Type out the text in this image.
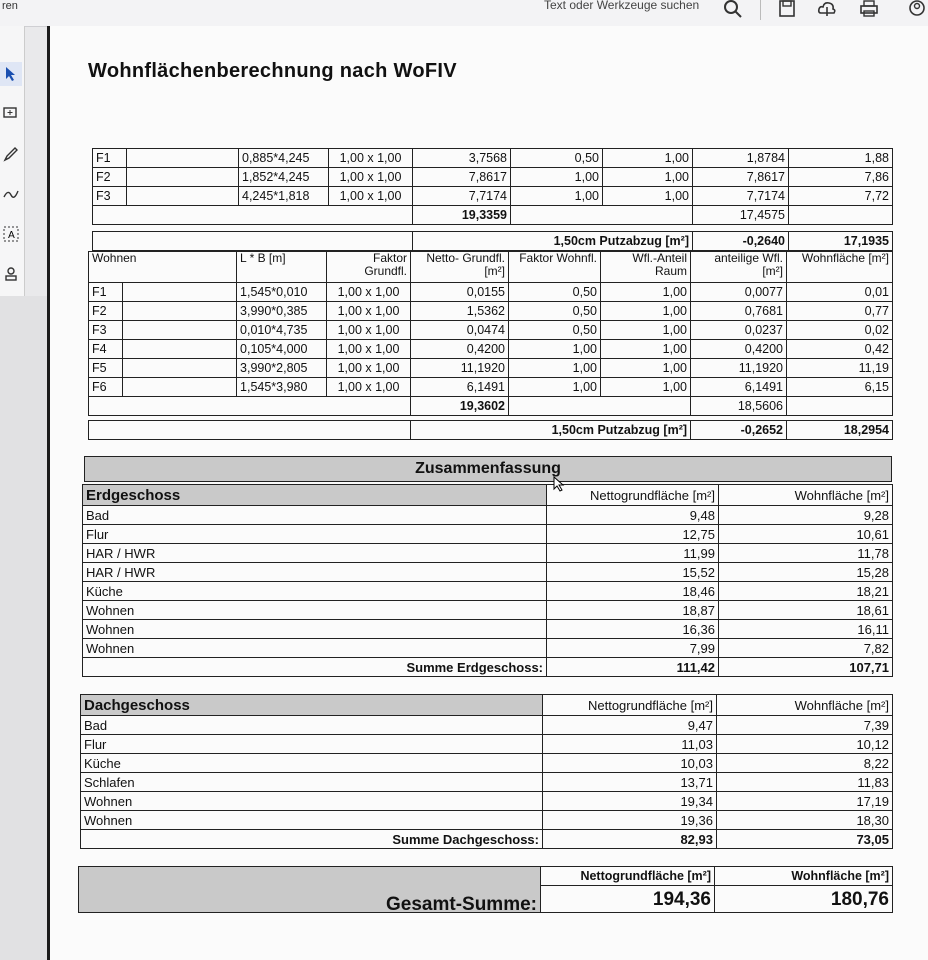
ren	Text oder Werkzeuge suchen
A
Wohnflächenberechnung nach WoFIV
F1		0,885*4,245	1,00 x 1,00	3,7568	0,50	1,00	1,8784	1,88
F2		1,852*4,245	1,00 x 1,00	7,8617	1,00	1,00	7,8617	7,86
F3		4,245*1,818	1,00 x 1,00	7,7174	1,00	1,00	7,7174	7,72
				19,3359			17,4575	

				1,50cm Putzabzug [m²]			-0,2640	17,1935
Wohnen		L * B [m]	Faktor Grundfl.	Netto- Grundfl. [m²]	Faktor Wohnfl.	Wfl.-Anteil Raum	anteilige Wfl.[m²]	Wohnfläche [m²]
F1		1,545*0,010	1,00 x 1,00	0,0155	0,50	1,00	0,0077	0,01
F2		3,990*0,385	1,00 x 1,00	1,5362	0,50	1,00	0,7681	0,77
F3		0,010*4,735	1,00 x 1,00	0,0474	0,50	1,00	0,0237	0,02
F4		0,105*4,000	1,00 x 1,00	0,4200	1,00	1,00	0,4200	0,42
F5		3,990*2,805	1,00 x 1,00	11,1920	1,00	1,00	11,1920	11,19
F6		1,545*3,980	1,00 x 1,00	6,1491	1,00	1,00	6,1491	6,15
				19,3602			18,5606	

				1,50cm Putzabzug [m²]			-0,2652	18,2954
Zusammenfassung
Erdgeschoss	Nettogrundfläche [m²]	Wohnfläche [m²]
Bad	9,48	9,28
Flur	12,75	10,61
HAR / HWR	11,99	11,78
HAR / HWR	15,52	15,28
Küche	18,46	18,21
Wohnen	18,87	18,61
Wohnen	16,36	16,11
Wohnen	7,99	7,82
Summe Erdgeschoss:	111,42	107,71
Dachgeschoss	Nettogrundfläche [m²]	Wohnfläche [m²]
Bad	9,47	7,39
Flur	11,03	10,12
Küche	10,03	8,22
Schlafen	13,71	11,83
Wohnen	19,34	17,19
Wohnen	19,36	18,30
Summe Dachgeschoss:	82,93	73,05
Gesamt-Summe:	Nettogrundfläche [m²]	Wohnfläche [m²]
	194,36	180,76
